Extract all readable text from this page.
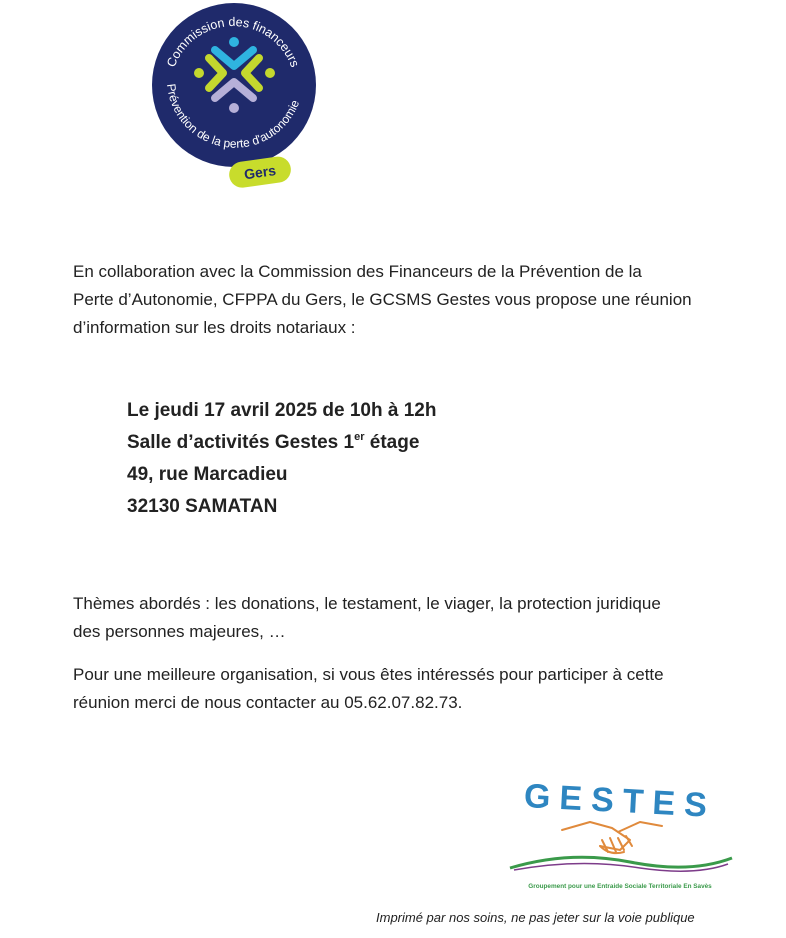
Commission des financeurs
Prévention de la perte d'autonomie
Gers

En collaboration avec la Commission des Financeurs de la Prévention de la
Perte d’Autonomie, CFPPA du Gers, le GCSMS Gestes vous propose une réunion
d’information sur les droits notariaux :

Le jeudi 17 avril 2025 de 10h à 12h
Salle d’activités Gestes 1er étage
49, rue Marcadieu
32130 SAMATAN

Thèmes abordés : les donations, le testament, le viager, la protection juridique
des personnes majeures, …

Pour une meilleure organisation, si vous êtes intéressés pour participer à cette
réunion merci de nous contacter au 05.62.07.82.73.

GESTES
Groupement pour une Entraide Sociale Territoriale En Savès
Imprimé par nos soins, ne pas jeter sur la voie publique
